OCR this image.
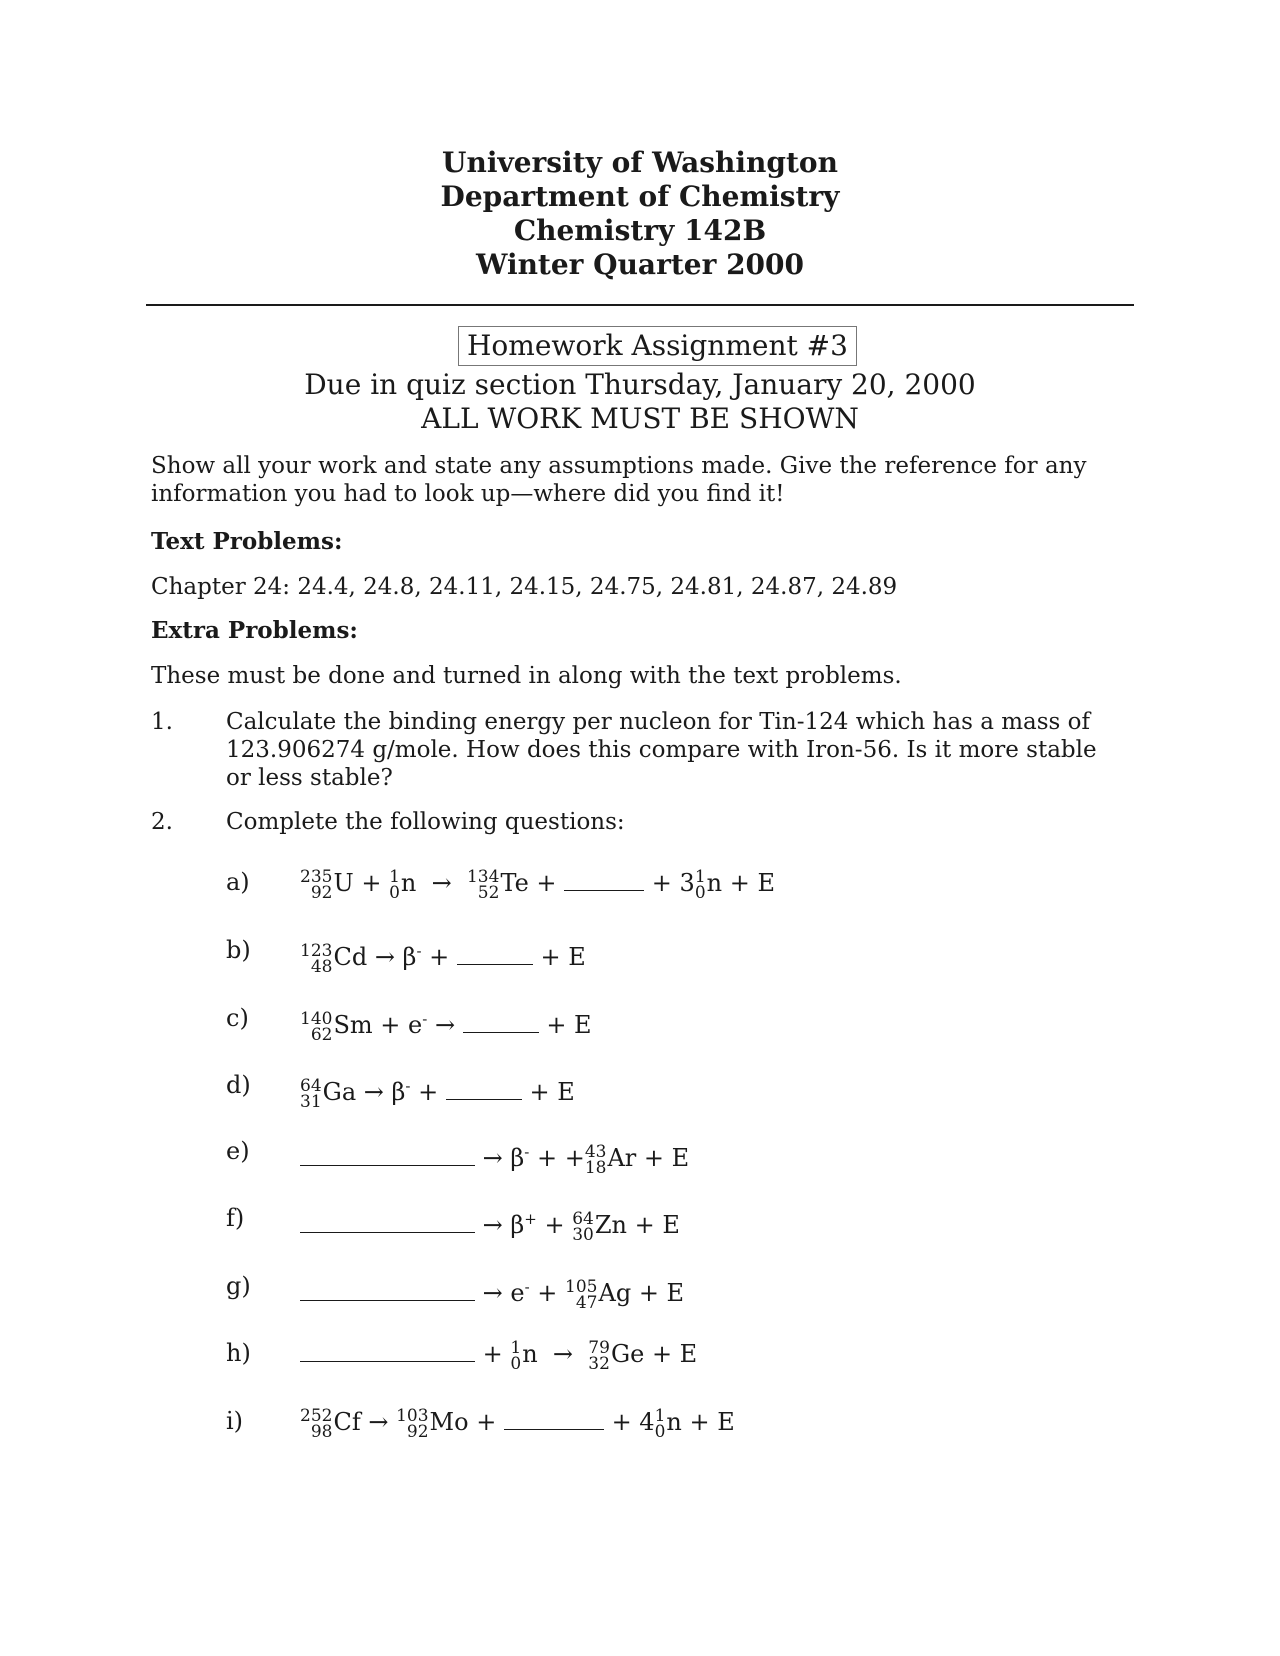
University of Washington
Department of Chemistry
Chemistry 142B
Winter Quarter 2000
Homework Assignment #3
Due in quiz section Thursday, January 20, 2000
ALL WORK MUST BE SHOWN
Show all your work and state any assumptions made. Give the reference for any information you had to look up—where did you find it!
Text Problems:
Chapter 24: 24.4, 24.8, 24.11, 24.15, 24.75, 24.81, 24.87, 24.89
Extra Problems:
These must be done and turned in along with the text problems.
1.	Calculate the binding energy per nucleon for Tin-124 which has a mass of 123.906274 g/mole. How does this compare with Iron-56. Is it more stable or less stable?
2.	Complete the following questions:
a)	235
92 U + 1
0 n  → 134
52 Te +	+ 3 1
0 n + E
b)	123
48 Cd → β- +	+ E
c)	140
62 Sm + e- →	+ E
d)	64
31 Ga → β- +	+ E
e)	→ β- + + 43
18 Ar + E
f)	→ β+ + 64
30 Zn + E
g)	→ e- + 105
47 Ag + E
h)	+ 1
0 n  → 79
32 Ge + E
i)	252
98 Cf → 103
92 Mo +	+ 4 1
0 n + E
